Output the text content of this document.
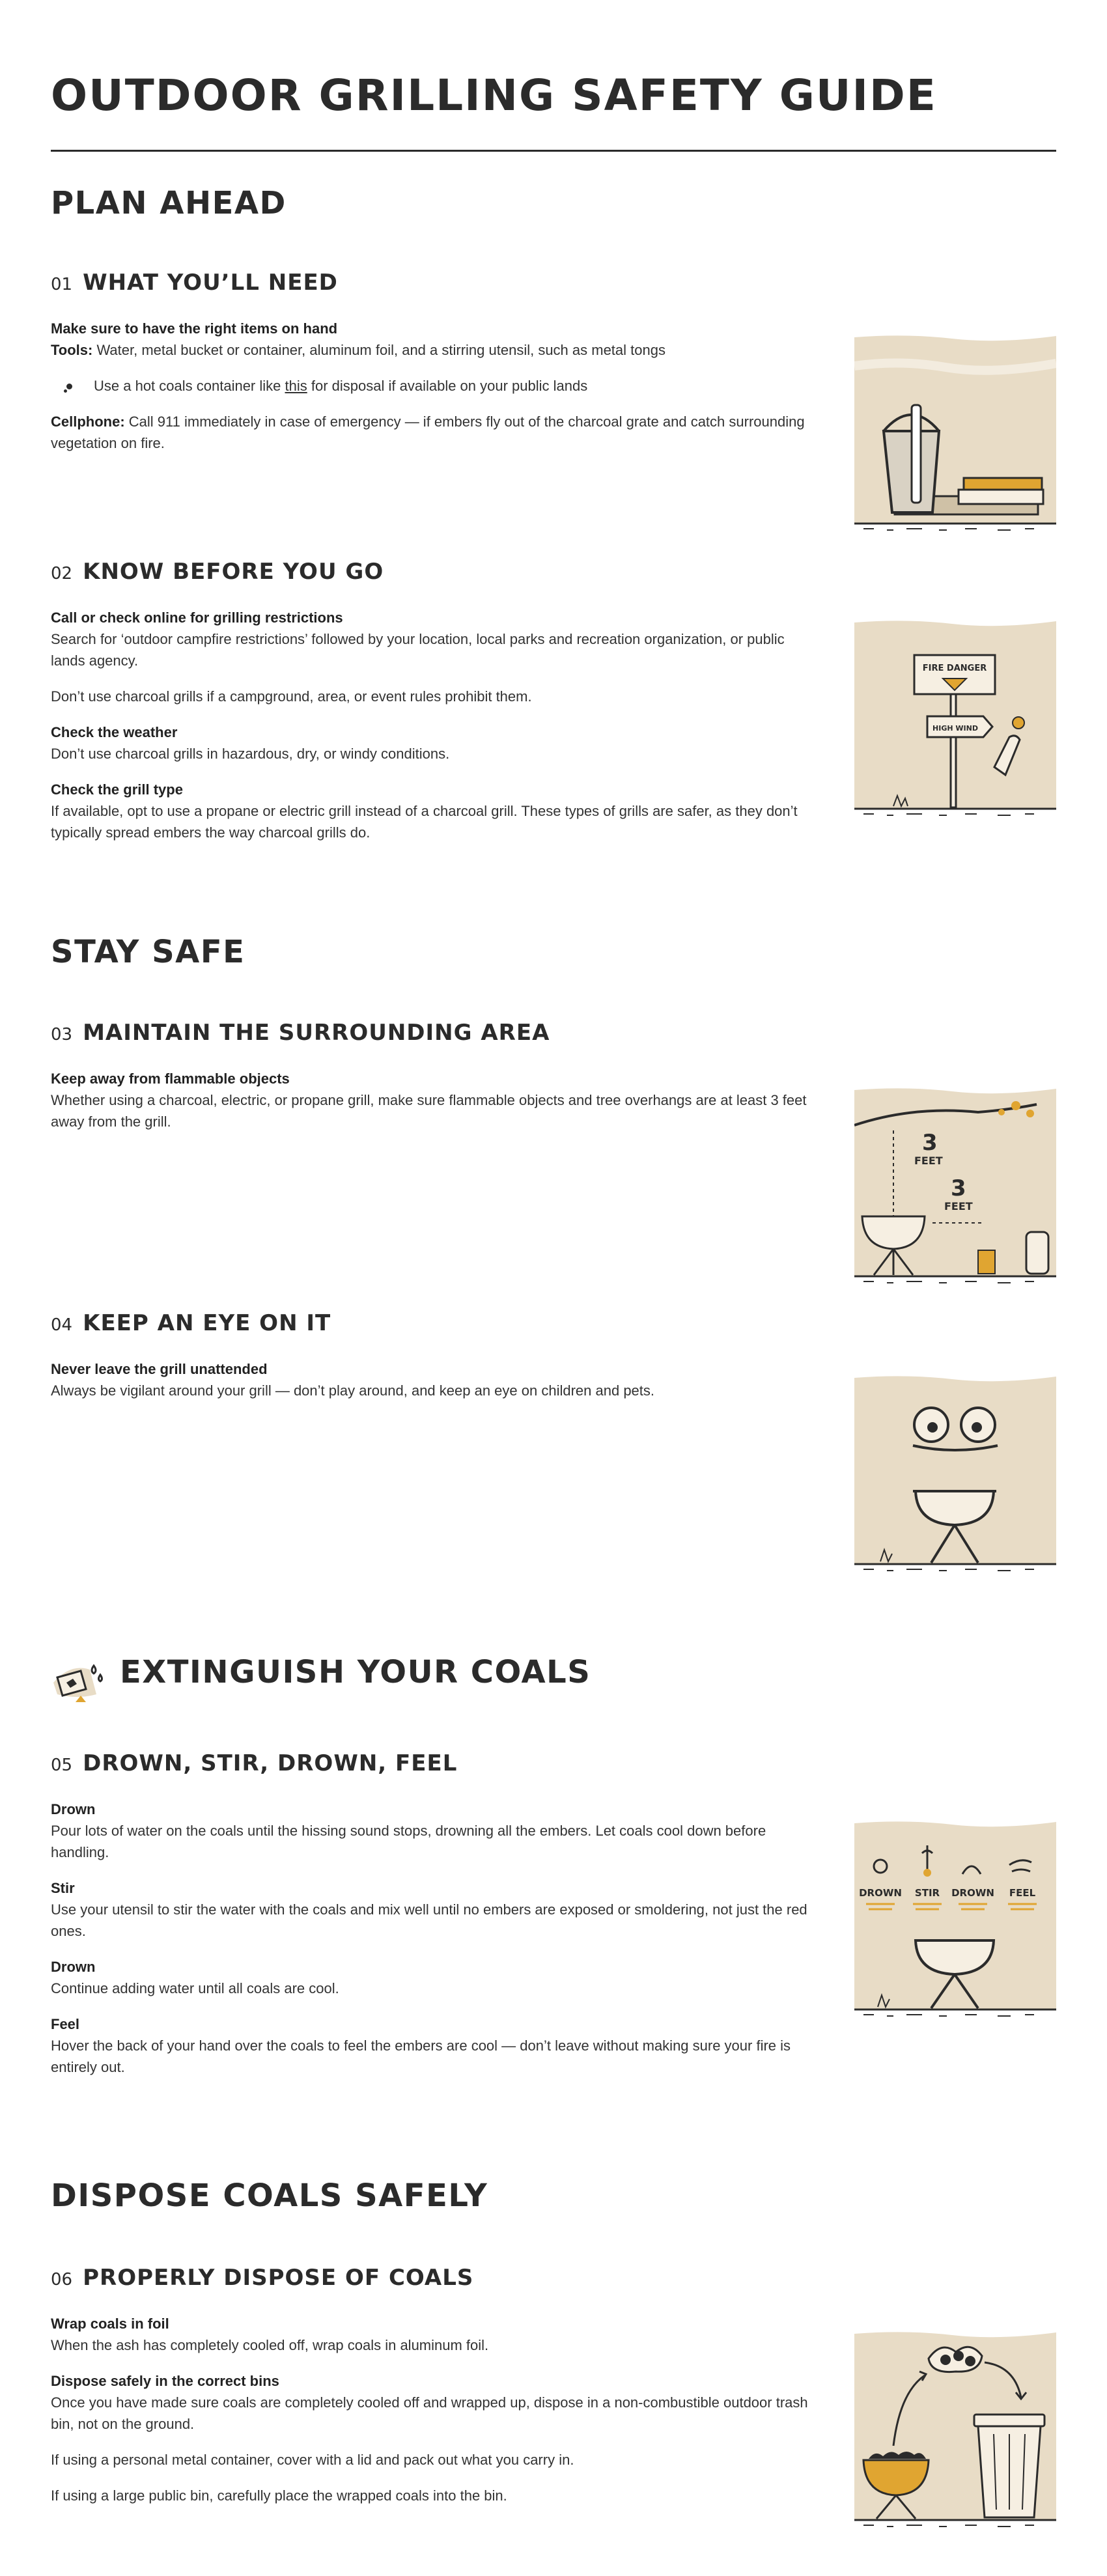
OUTDOOR GRILLING SAFETY GUIDE
PLAN AHEAD
01 WHAT YOU’LL NEED

Make sure to have the right items on hand
Tools: Water, metal bucket or container, aluminum foil, and a stirring utensil, such as metal tongs

Use a hot coals container like this for disposal if available on your public lands

Cellphone: Call 911 immediately in case of emergency — if embers fly out of the charcoal grate and catch surrounding vegetation on fire.

02 KNOW BEFORE YOU GO

Call or check online for grilling restrictions
Search for ‘outdoor campfire restrictions’ followed by your location, local parks and recreation organization, or public lands agency.

Don’t use charcoal grills if a campground, area, or event rules prohibit them.

Check the weather
Don’t use charcoal grills in hazardous, dry, or windy conditions.

Check the grill type
If available, opt to use a propane or electric grill instead of a charcoal grill. These types of grills are safer, as they don’t typically spread embers the way charcoal grills do.

FIRE DANGER
HIGH WIND
STAY SAFE
03 MAINTAIN THE SURROUNDING AREA

Keep away from flammable objects
Whether using a charcoal, electric, or propane grill, make sure flammable objects and tree overhangs are at least 3 feet away from the grill.

3
FEET
3
FEET
04 KEEP AN EYE ON IT

Never leave the grill unattended
Always be vigilant around your grill — don’t play around, and keep an eye on children and pets.

EXTINGUISH YOUR COALS
05 DROWN, STIR, DROWN, FEEL

Drown
Pour lots of water on the coals until the hissing sound stops, drowning all the embers. Let coals cool down before handling.

Stir
Use your utensil to stir the water with the coals and mix well until no embers are exposed or smoldering, not just the red ones.

Drown
Continue adding water until all coals are cool.

Feel
Hover the back of your hand over the coals to feel the embers are cool — don’t leave without making sure your fire is entirely out.

DROWN STIR DROWN FEEL
DISPOSE COALS SAFELY
06 PROPERLY DISPOSE OF COALS

Wrap coals in foil
When the ash has completely cooled off, wrap coals in aluminum foil.

Dispose safely in the correct bins
Once you have made sure coals are completely cooled off and wrapped up, dispose in a non-combustible outdoor trash bin, not on the ground.

If using a personal metal container, cover with a lid and pack out what you carry in.

If using a large public bin, carefully place the wrapped coals into the bin.
